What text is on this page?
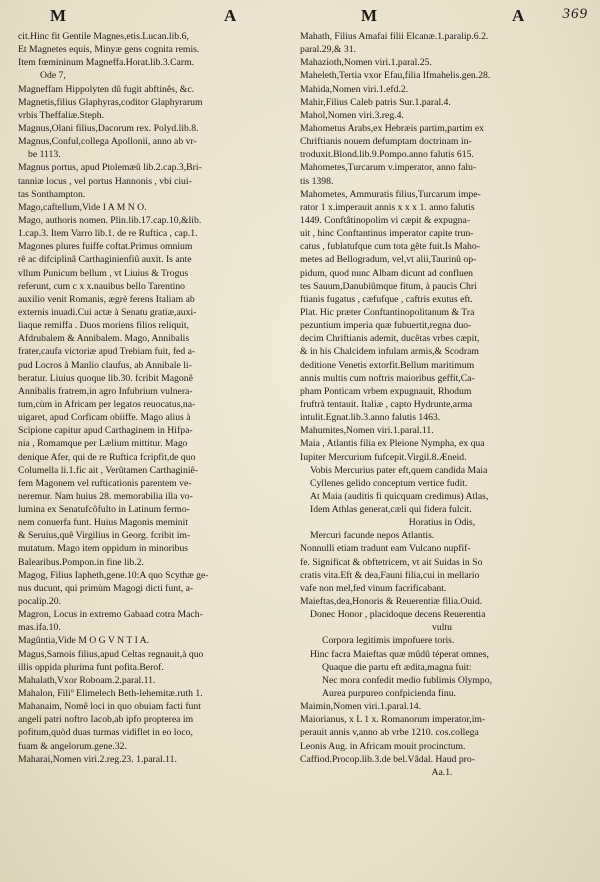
M	A	M	A 369
cit.Hinc fit Gentile Magnes,etis.Lucan.lib.6,
Et Magnetes equis, Minyæ gens cognita remis.
Item fœmininum Magneffa.Horat.lib.3.Carm.
Ode 7,
Magneffam Hippolyten dû fugit abftinês, &c.
Magnetis,filius Glaphyras,coditor Glaphyrarum
vrbis Theffaliæ.Steph.
Magnus,Olani filius,Dacorum rex. Polyd.lib.8.
Magnus,Conful,collega Apollonii, anno ab vr-
be 1113.
Magnus portus, apud Ptolemæû lib.2.cap.3,Bri-
tanniæ locus , vel portus Hannonis , vbi ciui-
tas Sonthampton.
Mago,caftellum,Vide I A M N O.
Mago, authoris nomen. Plin.lib.17.cap.10,&lib.
1.cap.3. Item Varro lib.1. de re Ruftica , cap.1.
Magones plures fuiffe coftat.Primus omnium
rê ac difciplinâ Carthaginienfiû auxit. Is ante
vllum Punicum bellum , vt Liuius & Trogus
referunt, cum c x x.nauibus bello Tarentino
auxilio venit Romanis, ægrè ferens Italiam ab
externis inuadi.Cui actæ à Senatu gratiæ,auxi-
liaque remiffa . Duos moriens filios reliquit,
Afdrubalem & Annibalem. Mago, Annibalis
frater,caufa victoriæ apud Trebiam fuit, fed a-
pud Locros à Manlio claufus, ab Annibale li-
beratur. Liuius quoque lib.30. fcribit Magonê
Annibalis fratrem,in agro Infubrium vulnera-
tum,cùm in Africam per legatos reuocatus,na-
uigaret, apud Corficam obiiffe. Mago alius à
Scipione capitur apud Carthaginem in Hifpa-
nia , Romamque per Lælium mittitur. Mago
denique Afer, qui de re Ruftica fcripfit,de quo
Columella li.1.fic ait , Verûtamen Carthaginiê-
fem Magonem vel rufticationis parentem ve-
neremur. Nam huius 28. memorabilia illa vo-
lumina ex Senatufcôfulto in Latinum fermo-
nem conuerfa funt. Huius Magonis meminit
& Seruius,quê Virgilius in Georg. fcribit im-
mutatum. Mago item oppidum in minoribus
Balearibus.Pompon.in fine lib.2.
Magog, Filius Iapheth,gene.10:A quo Scythæ ge-
nus ducunt, qui primùm Magogi dicti funt, a-
pocalip.20.
Magron, Locus in extremo Gabaad cotra Mach-
mas.ifa.10.
Magûntia,Vide M O G V N T I A.
Magus,Samois filius,apud Celtas regnauit,à quo
illis oppida plurima funt pofita.Berof.
Mahalath,Vxor Roboam.2.paral.11.
Mahalon, Filiº Elimelech Beth-lehemitæ.ruth 1.
Mahanaim, Nomê loci in quo obuiam facti funt
angeli patri noftro Iacob,ab ipfo propterea im
pofitum,quòd duas turmas vidiflet in eo loco,
fuam & angelorum.gene.32.
Maharai,Nomen viri.2.reg.23. 1.paral.11.
Mahath, Filius Amafai filii Elcanæ.1.paralip.6.2.
paral.29,& 31.
Mahazioth,Nomen viri.1.paral.25.
Maheleth,Tertia vxor Efau,filia Ifmahelis.gen.28.
Mahida,Nomen viri.1.efd.2.
Mahir,Filius Caleb patris Sur.1.paral.4.
Mahol,Nomen viri.3.reg.4.
Mahometus Arabs,ex Hebræis partim,partim ex
Chriftianis nouem defumptam doctrinam in-
troduxit.Blond.lib.9.Pompo.anno falutis 615.
Mahometes,Turcarum v.imperator, anno falu-
tis 1398.
Mahometes, Ammuratis filius,Turcarum impe-
rator 1 x.imperauit annis x x x 1. anno falutis
1449. Conftâtinopolim vi cæpit & expugna-
uit , hinc Conftantinus imperator capite trun-
catus , fublatufque cum tota gête fuit.Is Maho-
metes ad Bellogradum, vel,vt alii,Taurinû op-
pidum, quod nunc Albam dicunt ad confluen
tes Sauum,Danubiûmque fitum, à paucis Chri
ftianis fugatus , cæfufque , caftris exutus eft.
Plat. Hic præter Conftantinopolitanum & Tra
pezuntium imperia quæ fubuertit,regna duo-
decim Chriftianis ademit, ducêtas vrbes cæpit,
& in his Chalcidem infulam armis,& Scodram
deditione Venetis extorfit.Bellum maritimum
annis multis cum noftris maioribus geffit,Ca-
pham Ponticam vrbem expugnauit, Rhodum
fruftrà tentauit. Italiæ , capto Hydrunte,arma
intulit.Egnat.lib.3.anno falutis 1463.
Mahumites,Nomen viri.1.paral.11.
Maia , Atlantis filia ex Pleione Nympha, ex qua
Iupiter Mercurium fufcepit.Virgil.8.Æneid.
Vobis Mercurius pater eft,quem candida Maia
Cyllenes gelido conceptum vertice fudit.
At Maia (auditis fi quicquam credimus) Atlas,
Idem Athlas generat,cæli qui fidera fulcit.
Horatius in Odis,
Mercuri facunde nepos Atlantis.
Nonnulli etiam tradunt eam Vulcano nupfif-
fe. Significat & obftetricem, vt ait Suidas in So
cratis vita.Eft & dea,Fauni filia,cui in mellario
vafe non mel,fed vinum facrificabant.
Maieftas,dea,Honoris & Reuerentiæ filia.Ouid.
Donec Honor , placidoque decens Reuerentia
vultu
Corpora legitimis impofuere toris.
Hinc facra Maieftas quæ mûdû téperat omnes,
Quaque die partu eft ædita,magna fuit:
Nec mora confedit medio fublimis Olympo,
Aurea purpureo confpicienda finu.
Maimin,Nomen viri.1.paral.14.
Maiorianus, x L 1 x. Romanorum imperator,im-
perauit annis v,anno ab vrbe 1210. cos.collega
Leonis Aug. in Africam mouit procinctum.
Caffiod.Procop.lib.3.de bel.Vâdal. Haud pro-
Aa.1.
